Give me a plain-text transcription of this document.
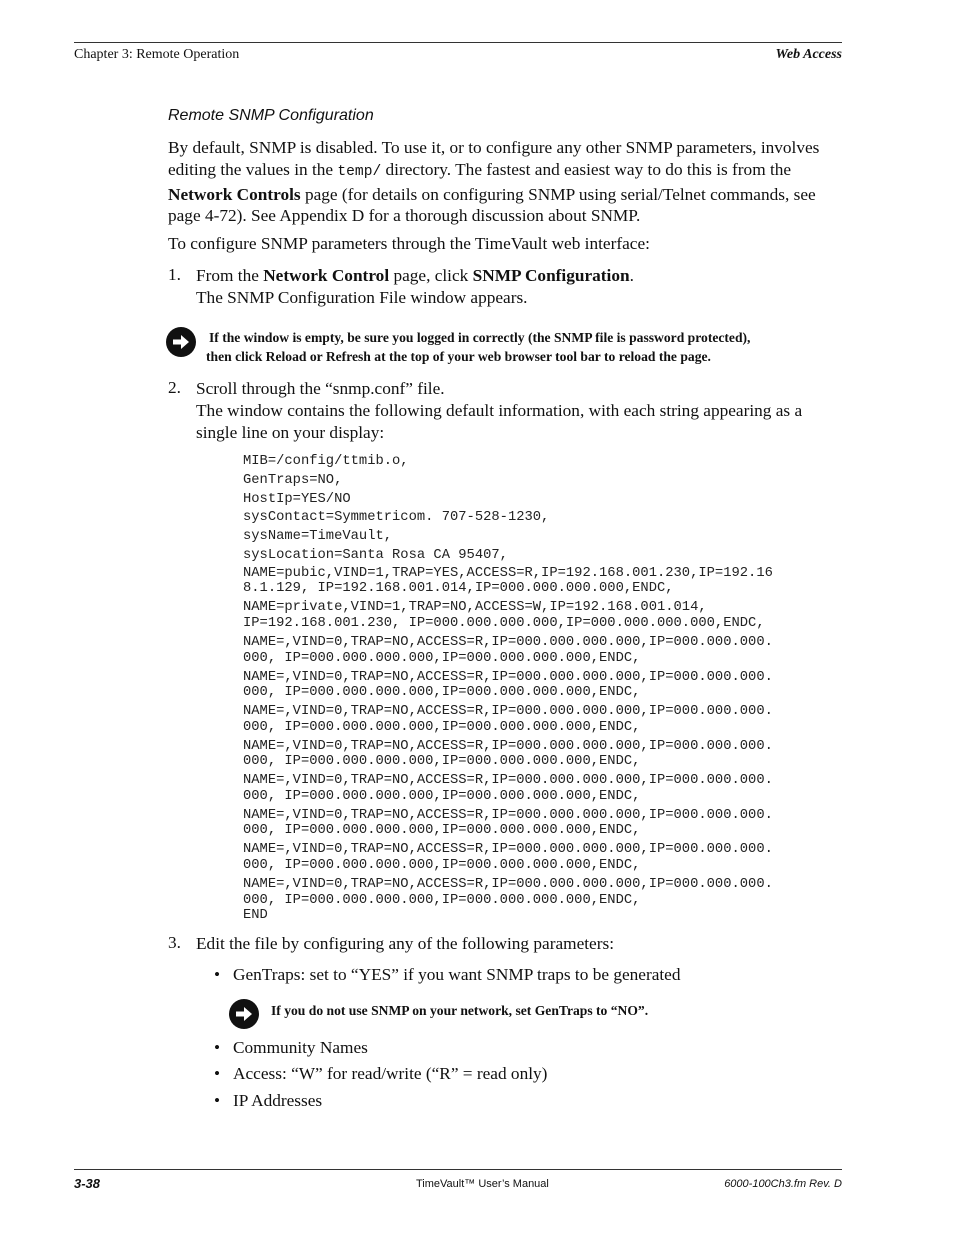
Chapter 3: Remote Operation	Web Access
Remote SNMP Configuration
By default, SNMP is disabled. To use it, or to configure any other SNMP parameters, involves editing the values in the temp/ directory. The fastest and easiest way to do this is from the Network Controls page (for details on configuring SNMP using serial/Telnet commands, see page 4-72). See Appendix D for a thorough discussion about SNMP.
To configure SNMP parameters through the TimeVault web interface:
1. From the Network Control page, click SNMP Configuration.
The SNMP Configuration File window appears.
If the window is empty, be sure you logged in correctly (the SNMP file is password protected),
then click Reload or Refresh at the top of your web browser tool bar to reload the page.
2. Scroll through the “snmp.conf” file.
The window contains the following default information, with each string appearing as a single line on your display:
MIB=/config/ttmib.o,
GenTraps=NO,
HostIp=YES/NO
sysContact=Symmetricom. 707-528-1230,
sysName=TimeVault,
sysLocation=Santa Rosa CA 95407,
NAME=pubic,VIND=1,TRAP=YES,ACCESS=R,IP=192.168.001.230,IP=192.16
8.1.129, IP=192.168.001.014,IP=000.000.000.000,ENDC,
NAME=private,VIND=1,TRAP=NO,ACCESS=W,IP=192.168.001.014,
IP=192.168.001.230, IP=000.000.000.000,IP=000.000.000.000,ENDC,
NAME=,VIND=0,TRAP=NO,ACCESS=R,IP=000.000.000.000,IP=000.000.000.
000, IP=000.000.000.000,IP=000.000.000.000,ENDC,
NAME=,VIND=0,TRAP=NO,ACCESS=R,IP=000.000.000.000,IP=000.000.000.
000, IP=000.000.000.000,IP=000.000.000.000,ENDC,
NAME=,VIND=0,TRAP=NO,ACCESS=R,IP=000.000.000.000,IP=000.000.000.
000, IP=000.000.000.000,IP=000.000.000.000,ENDC,
NAME=,VIND=0,TRAP=NO,ACCESS=R,IP=000.000.000.000,IP=000.000.000.
000, IP=000.000.000.000,IP=000.000.000.000,ENDC,
NAME=,VIND=0,TRAP=NO,ACCESS=R,IP=000.000.000.000,IP=000.000.000.
000, IP=000.000.000.000,IP=000.000.000.000,ENDC,
NAME=,VIND=0,TRAP=NO,ACCESS=R,IP=000.000.000.000,IP=000.000.000.
000, IP=000.000.000.000,IP=000.000.000.000,ENDC,
NAME=,VIND=0,TRAP=NO,ACCESS=R,IP=000.000.000.000,IP=000.000.000.
000, IP=000.000.000.000,IP=000.000.000.000,ENDC,
NAME=,VIND=0,TRAP=NO,ACCESS=R,IP=000.000.000.000,IP=000.000.000.
000, IP=000.000.000.000,IP=000.000.000.000,ENDC,
END
3. Edit the file by configuring any of the following parameters:
• GenTraps: set to “YES” if you want SNMP traps to be generated
If you do not use SNMP on your network, set GenTraps to “NO”.
• Community Names
• Access: “W” for read/write (“R” = read only)
• IP Addresses
3-38	TimeVault™ User’s Manual	6000-100Ch3.fm Rev. D
